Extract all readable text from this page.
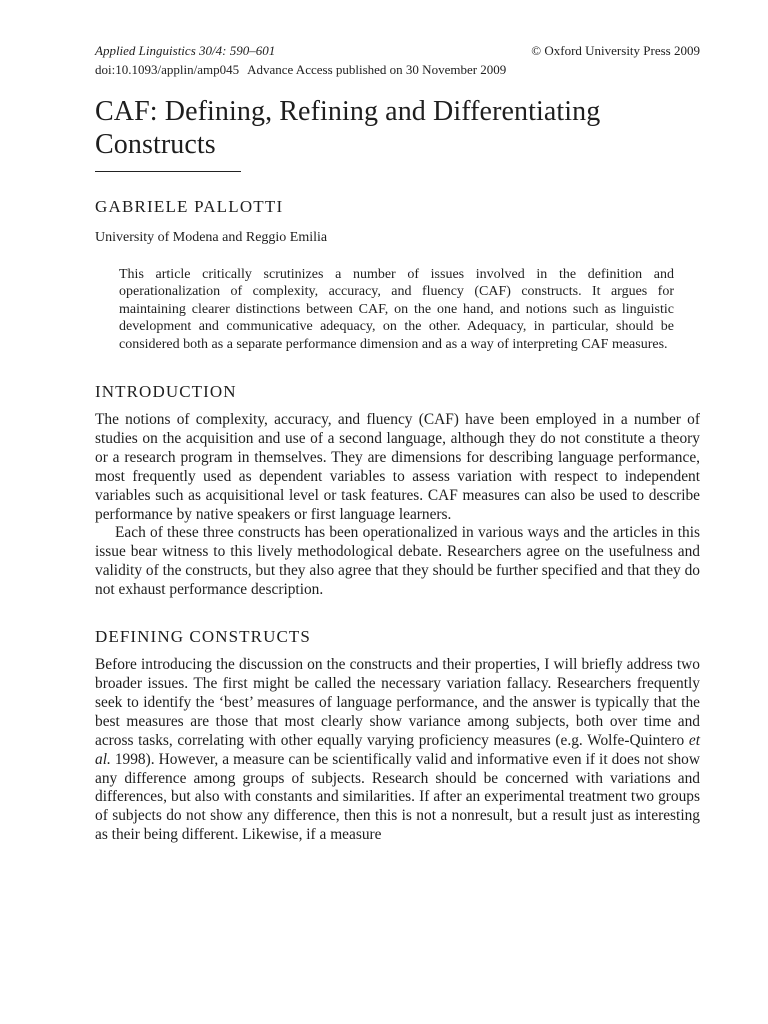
Applied Linguistics 30/4: 590–601	© Oxford University Press 2009

doi:10.1093/applin/amp045 Advance Access published on 30 November 2009

CAF: Defining, Refining and Differentiating Constructs

GABRIELE PALLOTTI

University of Modena and Reggio Emilia

This article critically scrutinizes a number of issues involved in the definition and operationalization of complexity, accuracy, and fluency (CAF) constructs. It argues for maintaining clearer distinctions between CAF, on the one hand, and notions such as linguistic development and communicative adequacy, on the other. Adequacy, in particular, should be considered both as a separate performance dimension and as a way of interpreting CAF measures.

INTRODUCTION

The notions of complexity, accuracy, and fluency (CAF) have been employed in a number of studies on the acquisition and use of a second language, although they do not constitute a theory or a research program in themselves. They are dimensions for describing language performance, most frequently used as dependent variables to assess variation with respect to independent variables such as acquisitional level or task features. CAF measures can also be used to describe performance by native speakers or first language learners.

Each of these three constructs has been operationalized in various ways and the articles in this issue bear witness to this lively methodological debate. Researchers agree on the usefulness and validity of the constructs, but they also agree that they should be further specified and that they do not exhaust performance description.

DEFINING CONSTRUCTS

Before introducing the discussion on the constructs and their properties, I will briefly address two broader issues. The first might be called the necessary variation fallacy. Researchers frequently seek to identify the ‘best’ measures of language performance, and the answer is typically that the best measures are those that most clearly show variance among subjects, both over time and across tasks, correlating with other equally varying proficiency measures (e.g. Wolfe-Quintero et al. 1998). However, a measure can be scientifically valid and informative even if it does not show any difference among groups of subjects. Research should be concerned with variations and differences, but also with constants and similarities. If after an experimental treatment two groups of subjects do not show any difference, then this is not a nonresult, but a result just as interesting as their being different. Likewise, if a measure
